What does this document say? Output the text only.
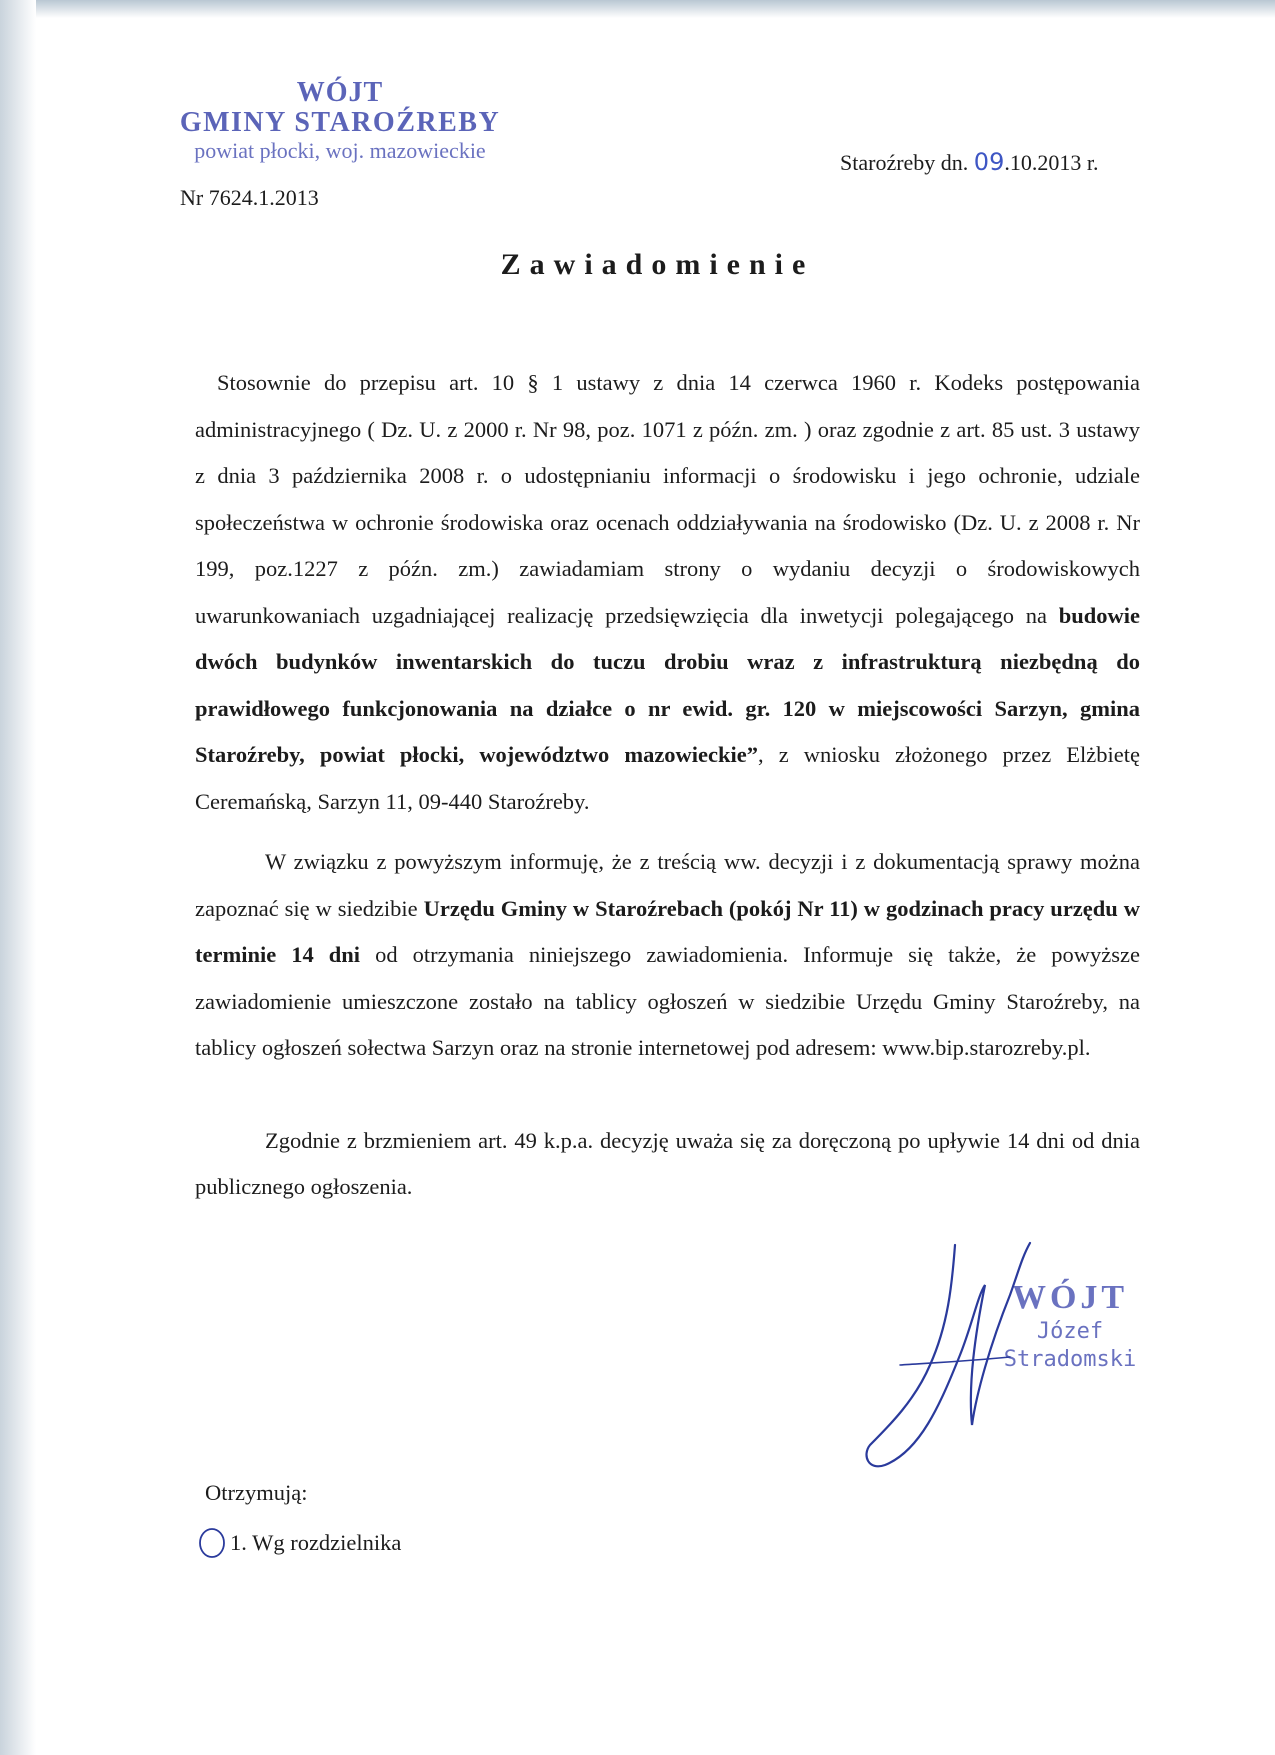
WÓJT
GMINY STAROŹREBY
powiat płocki, woj. mazowieckie
Nr 7624.1.2013
Staroźreby dn. 09.10.2013 r.
Zawiadomienie

Stosownie do przepisu art. 10 § 1 ustawy z dnia 14 czerwca 1960 r. Kodeks postępowania administracyjnego ( Dz. U. z 2000 r. Nr 98, poz. 1071 z późn. zm. ) oraz zgodnie z art. 85 ust. 3 ustawy z dnia 3 października 2008 r. o udostępnianiu informacji o środowisku i jego ochronie, udziale społeczeństwa w ochronie środowiska oraz ocenach oddziaływania na środowisko (Dz. U. z 2008 r. Nr 199, poz.1227 z późn. zm.) zawiadamiam strony o wydaniu decyzji o środowiskowych uwarunkowaniach uzgadniającej realizację przedsięwzięcia dla inwetycji polegającego na budowie dwóch budynków inwentarskich do tuczu drobiu wraz z infrastrukturą niezbędną do prawidłowego funkcjonowania na działce o nr ewid. gr. 120 w miejscowości Sarzyn, gmina Staroźreby, powiat płocki, województwo mazowieckie”, z wniosku złożonego przez Elżbietę Ceremańską, Sarzyn 11, 09-440 Staroźreby.

W związku z powyższym informuję, że z treścią ww. decyzji i z dokumentacją sprawy można zapoznać się w siedzibie Urzędu Gminy w Staroźrebach (pokój Nr 11) w godzinach pracy urzędu w terminie 14 dni od otrzymania niniejszego zawiadomienia. Informuje się także, że powyższe zawiadomienie umieszczone zostało na tablicy ogłoszeń w siedzibie Urzędu Gminy Staroźreby, na tablicy ogłoszeń sołectwa Sarzyn oraz na stronie internetowej pod adresem: www.bip.starozreby.pl.

Zgodnie z brzmieniem art. 49 k.p.a. decyzję uważa się za doręczoną po upływie 14 dni od dnia publicznego ogłoszenia.

WÓJT
Józef Stradomski
Otrzymują:
1. Wg rozdzielnika
